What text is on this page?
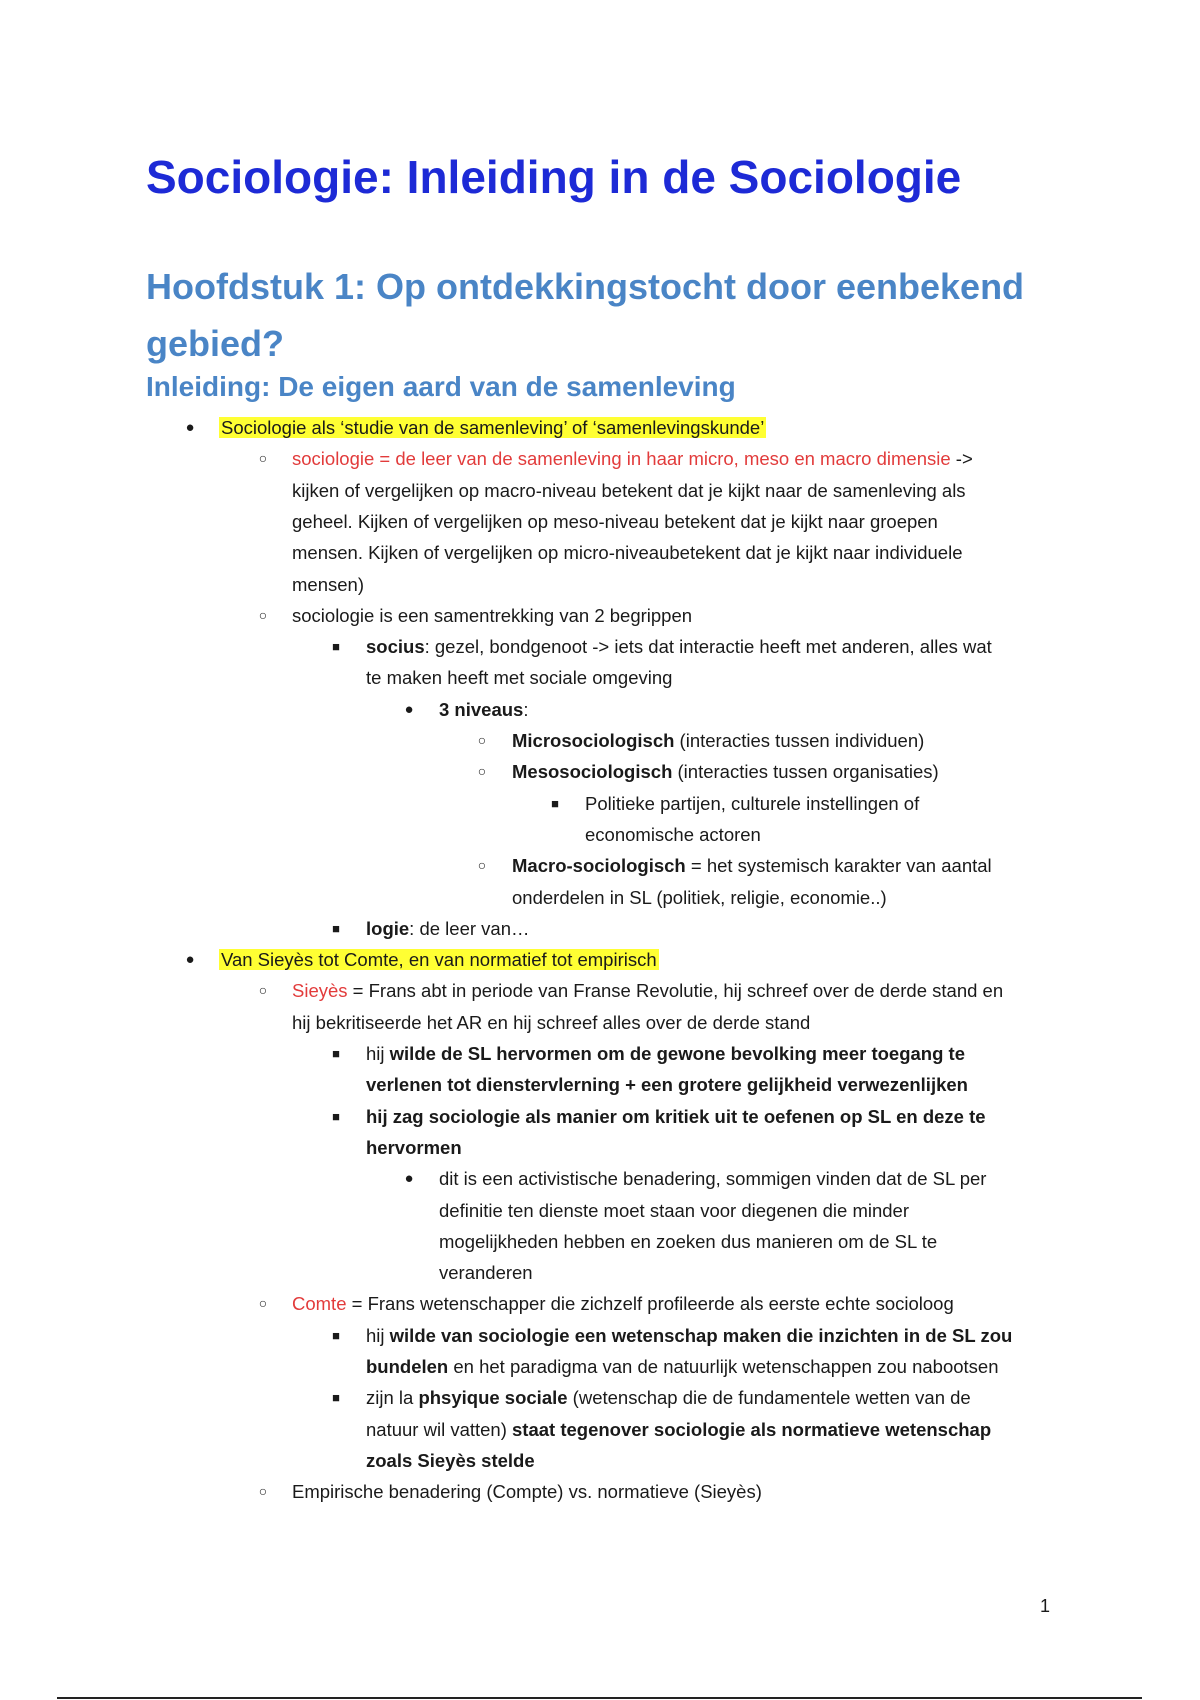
Sociologie: Inleiding in de Sociologie
Hoofdstuk 1: Op ontdekkingstocht door eenbekend gebied?
Inleiding: De eigen aard van de samenleving
● Sociologie als ‘studie van de samenleving’ of ‘samenlevingskunde’
○ sociologie = de leer van de samenleving in haar micro, meso en macro dimensie ->
kijken of vergelijken op macro-niveau betekent dat je kijkt naar de samenleving als
geheel. Kijken of vergelijken op meso-niveau betekent dat je kijkt naar groepen
mensen. Kijken of vergelijken op micro-niveaubetekent dat je kijkt naar individuele
mensen)
○ sociologie is een samentrekking van 2 begrippen
■ socius: gezel, bondgenoot -> iets dat interactie heeft met anderen, alles wat
te maken heeft met sociale omgeving
● 3 niveaus:
○ Microsociologisch (interacties tussen individuen)
○ Mesosociologisch (interacties tussen organisaties)
■ Politieke partijen, culturele instellingen of
economische actoren
○ Macro-sociologisch = het systemisch karakter van aantal
onderdelen in SL (politiek, religie, economie..)
■ logie: de leer van…
● Van Sieyès tot Comte, en van normatief tot empirisch
○ Sieyès = Frans abt in periode van Franse Revolutie, hij schreef over de derde stand en
hij bekritiseerde het AR en hij schreef alles over de derde stand
■ hij wilde de SL hervormen om de gewone bevolking meer toegang te
verlenen tot dienstervlerning + een grotere gelijkheid verwezenlijken
■ hij zag sociologie als manier om kritiek uit te oefenen op SL en deze te
hervormen
● dit is een activistische benadering, sommigen vinden dat de SL per
definitie ten dienste moet staan voor diegenen die minder
mogelijkheden hebben en zoeken dus manieren om de SL te
veranderen
○ Comte = Frans wetenschapper die zichzelf profileerde als eerste echte socioloog
■ hij wilde van sociologie een wetenschap maken die inzichten in de SL zou
bundelen en het paradigma van de natuurlijk wetenschappen zou nabootsen
■ zijn la phsyique sociale (wetenschap die de fundamentele wetten van de
natuur wil vatten) staat tegenover sociologie als normatieve wetenschap
zoals Sieyès stelde
○ Empirische benadering (Compte) vs. normatieve (Sieyès)
1
